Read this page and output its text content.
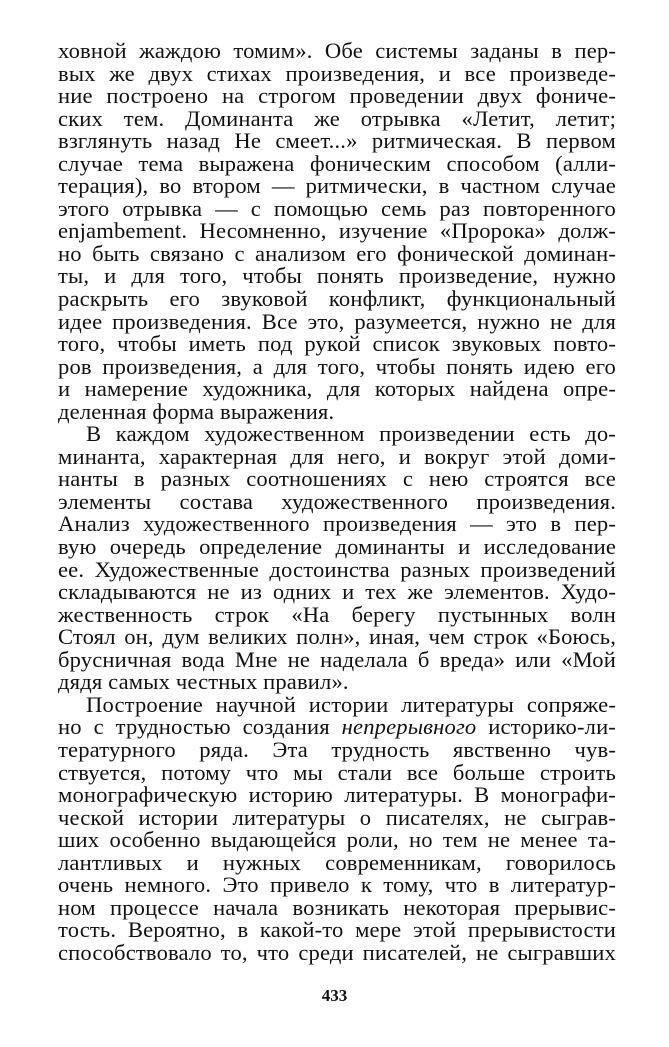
ховной жаждою томим». Обе системы заданы в пер-
вых же двух стихах произведения, и все произведе-
ние построено на строгом проведении двух фониче-
ских тем. Доминанта же отрывка «Летит, летит;
взглянуть назад Не смеет...» ритмическая. В первом
случае тема выражена фоническим способом (алли-
терация), во втором — ритмически, в частном случае
этого отрывка — с помощью семь раз повторенного
enjambement. Несомненно, изучение «Пророка» долж-
но быть связано с анализом его фонической доминан-
ты, и для того, чтобы понять произведение, нужно
раскрыть его звуковой конфликт, функциональный
идее произведения. Все это, разумеется, нужно не для
того, чтобы иметь под рукой список звуковых повто-
ров произведения, а для того, чтобы понять идею его
и намерение художника, для которых найдена опре-
деленная форма выражения.
В каждом художественном произведении есть до-
минанта, характерная для него, и вокруг этой доми-
нанты в разных соотношениях с нею строятся все
элементы состава художественного произведения.
Анализ художественного произведения — это в пер-
вую очередь определение доминанты и исследование
ее. Художественные достоинства разных произведений
складываются не из одних и тех же элементов. Худо-
жественность строк «На берегу пустынных волн
Стоял он, дум великих полн», иная, чем строк «Боюсь,
брусничная вода Мне не наделала б вреда» или «Мой
дядя самых честных правил».
Построение научной истории литературы сопряже-
но с трудностью создания непрерывного историко-ли-
тературного ряда. Эта трудность явственно чув-
ствуется, потому что мы стали все больше строить
монографическую историю литературы. В монографи-
ческой истории литературы о писателях, не сыграв-
ших особенно выдающейся роли, но тем не менее та-
лантливых и нужных современникам, говорилось
очень немного. Это привело к тому, что в литератур-
ном процессе начала возникать некоторая прерывис-
тость. Вероятно, в какой-то мере этой прерывистости
способствовало то, что среди писателей, не сыгравших
433
